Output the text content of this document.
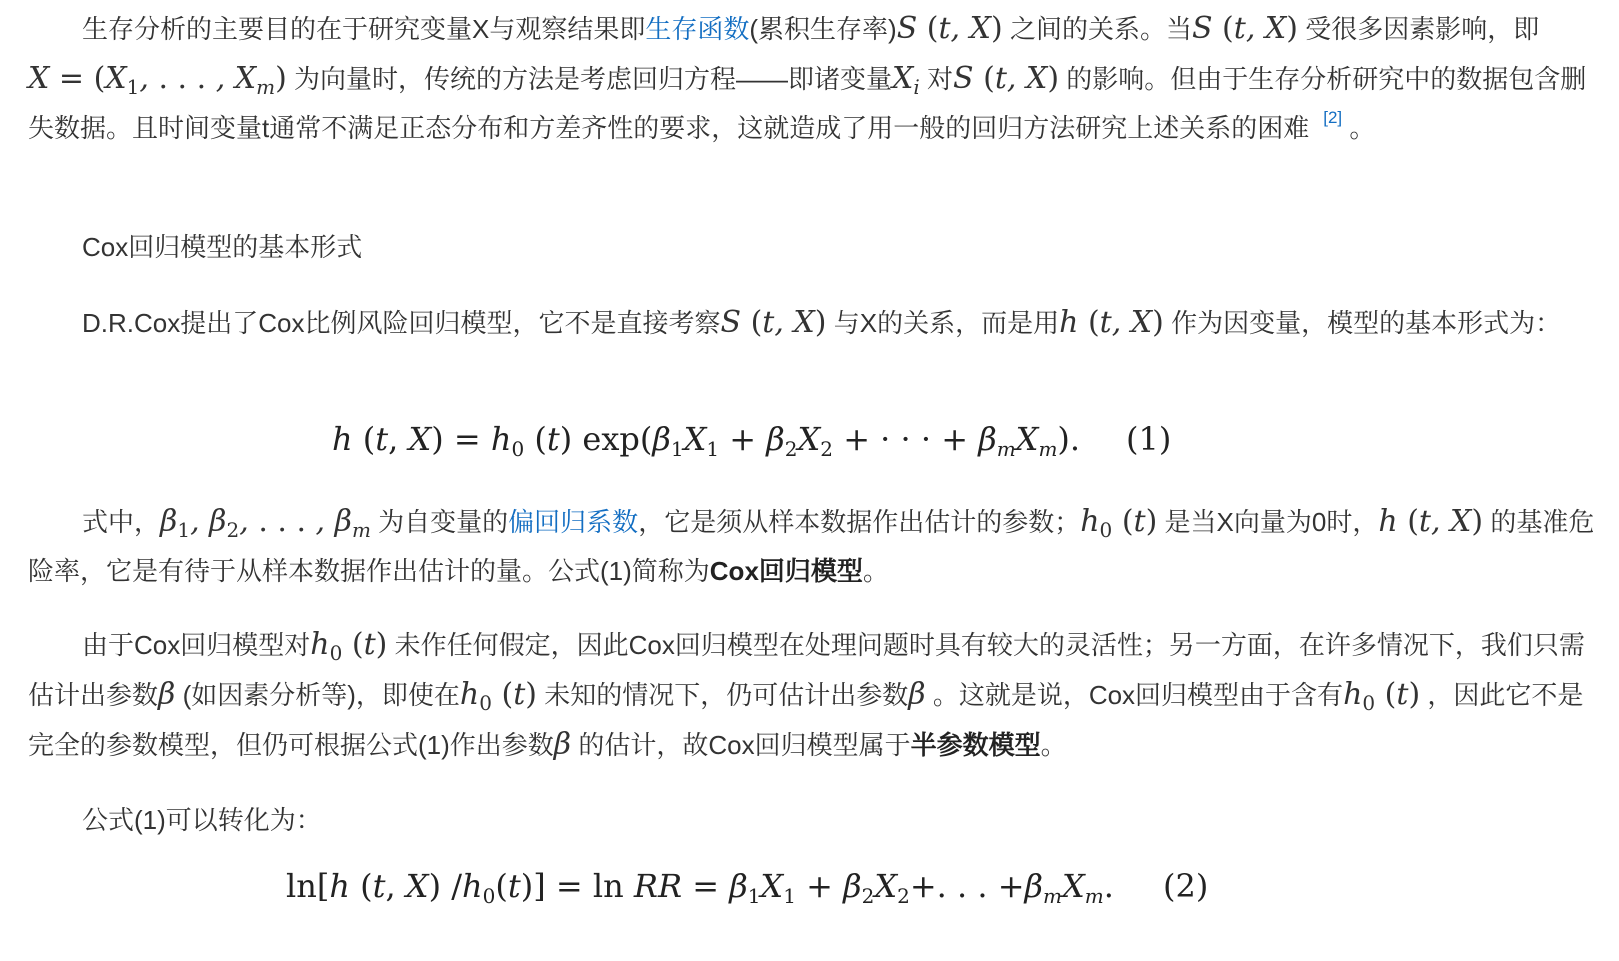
生存分析的主要目的在于研究变量X与观察结果即生存函数(累积生存率)S (t, X) 之间的关系。当S (t, X) 受很多因素影响，即$X = (X_1$, . . . , $X_m$) 为向量时，传统的方法是考虑回归方程——即诸变量$X_i$ 对S (t, X) 的影响。但由于生存分析研究中的数据包含删失数据。且时间变量t通常不满足正态分布和方差齐性的要求，这就造成了用一般的回归方法研究上述关系的困难 [2] 。

Cox回归模型的基本形式

D.R.Cox提出了Cox比例风险回归模型，它不是直接考察S (t, X) 与X的关系，而是用h (t, X) 作为因变量，模型的基本形式为：

h (t, $X) = h_0$ (t) $\exp(\beta_1X_1 + \beta_2X_2$ + · · · + $\beta_mX_m$). (1)

式中，$\beta_1$, $\beta_2$, . . . , $\beta_m$ 为自变量的偏回归系数，它是须从样本数据作出估计的参数；$h_0$ (t) 是当X向量为0时，h (t, X) 的基准危险率，它是有待于从样本数据作出估计的量。公式(1)简称为Cox回归模型。

由于Cox回归模型对$h_0$ (t) 未作任何假定，因此Cox回归模型在处理问题时具有较大的灵活性；另一方面，在许多情况下，我们只需估计出参数β (如因素分析等)，即使在$h_0$ (t) 未知的情况下，仍可估计出参数β 。这就是说，Cox回归模型由于含有$h_0$ (t) ，因此它不是完全的参数模型，但仍可根据公式(1)作出参数β 的估计，故Cox回归模型属于半参数模型。

公式(1)可以转化为：

ln[h (t, X) $/h_0(t)] = \ln$ RR = $\beta_1X_1 + \beta_2X_2+$. . . $+\beta_mX_m$. (2)
